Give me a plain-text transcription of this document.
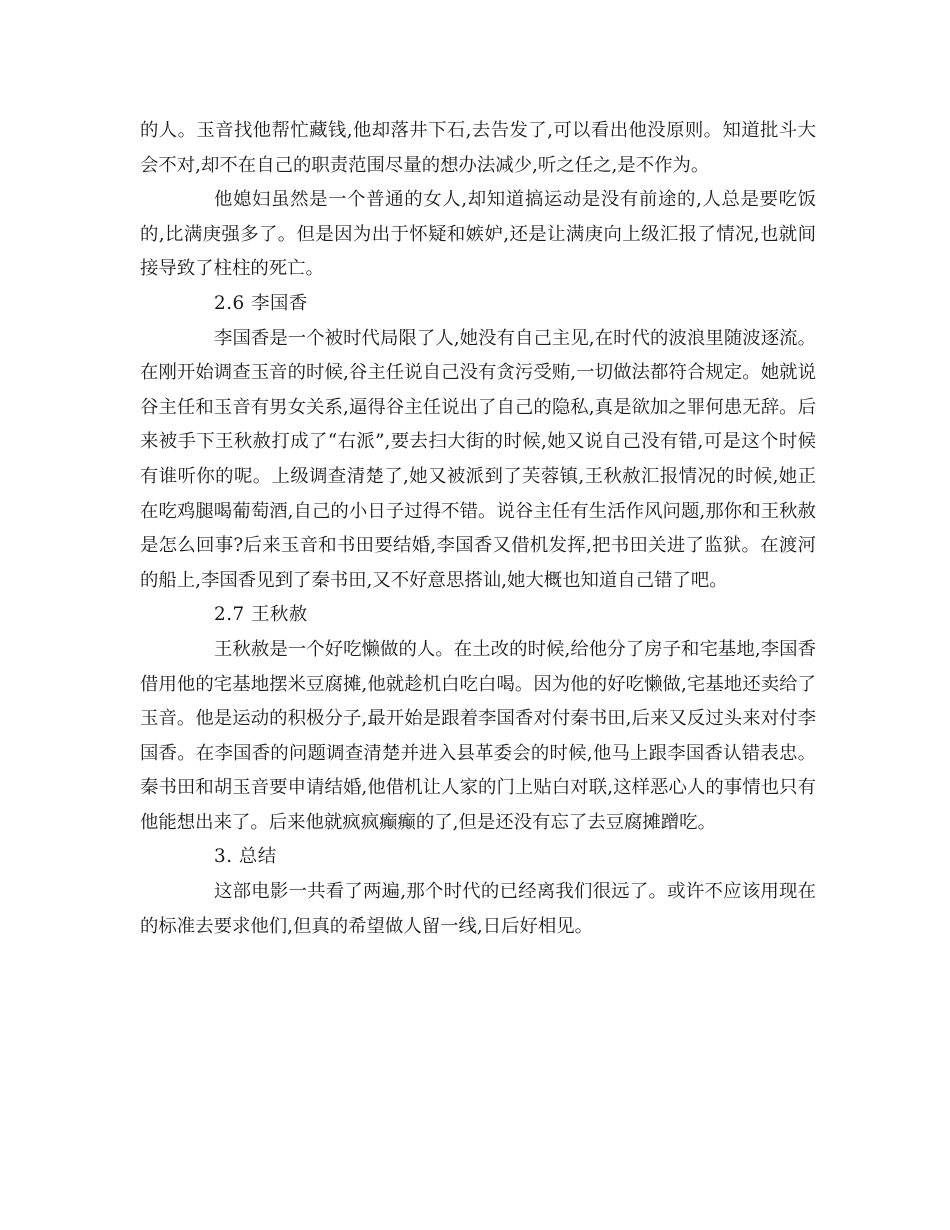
的人。玉音找他帮忙藏钱,他却落井下石,去告发了,可以看出他没原则。知道批斗大会不对,却不在自己的职责范围尽量的想办法减少,听之任之,是不作为。

他媳妇虽然是一个普通的女人,却知道搞运动是没有前途的,人总是要吃饭的,比满庚强多了。但是因为出于怀疑和嫉妒,还是让满庚向上级汇报了情况,也就间接导致了柱柱的死亡。

2.6 李国香

李国香是一个被时代局限了人,她没有自己主见,在时代的波浪里随波逐流。在刚开始调查玉音的时候,谷主任说自己没有贪污受贿,一切做法都符合规定。她就说谷主任和玉音有男女关系,逼得谷主任说出了自己的隐私,真是欲加之罪何患无辞。后来被手下王秋赦打成了“右派”,要去扫大街的时候,她又说自己没有错,可是这个时候有谁听你的呢。上级调查清楚了,她又被派到了芙蓉镇,王秋赦汇报情况的时候,她正在吃鸡腿喝葡萄酒,自己的小日子过得不错。说谷主任有生活作风问题,那你和王秋赦是怎么回事?后来玉音和书田要结婚,李国香又借机发挥,把书田关进了监狱。在渡河的船上,李国香见到了秦书田,又不好意思搭讪,她大概也知道自己错了吧。

2.7 王秋赦

王秋赦是一个好吃懒做的人。在土改的时候,给他分了房子和宅基地,李国香借用他的宅基地摆米豆腐摊,他就趁机白吃白喝。因为他的好吃懒做,宅基地还卖给了玉音。他是运动的积极分子,最开始是跟着李国香对付秦书田,后来又反过头来对付李国香。在李国香的问题调查清楚并进入县革委会的时候,他马上跟李国香认错表忠。秦书田和胡玉音要申请结婚,他借机让人家的门上贴白对联,这样恶心人的事情也只有他能想出来了。后来他就疯疯癫癫的了,但是还没有忘了去豆腐摊蹭吃。

3. 总结

这部电影一共看了两遍,那个时代的已经离我们很远了。或许不应该用现在的标准去要求他们,但真的希望做人留一线,日后好相见。
